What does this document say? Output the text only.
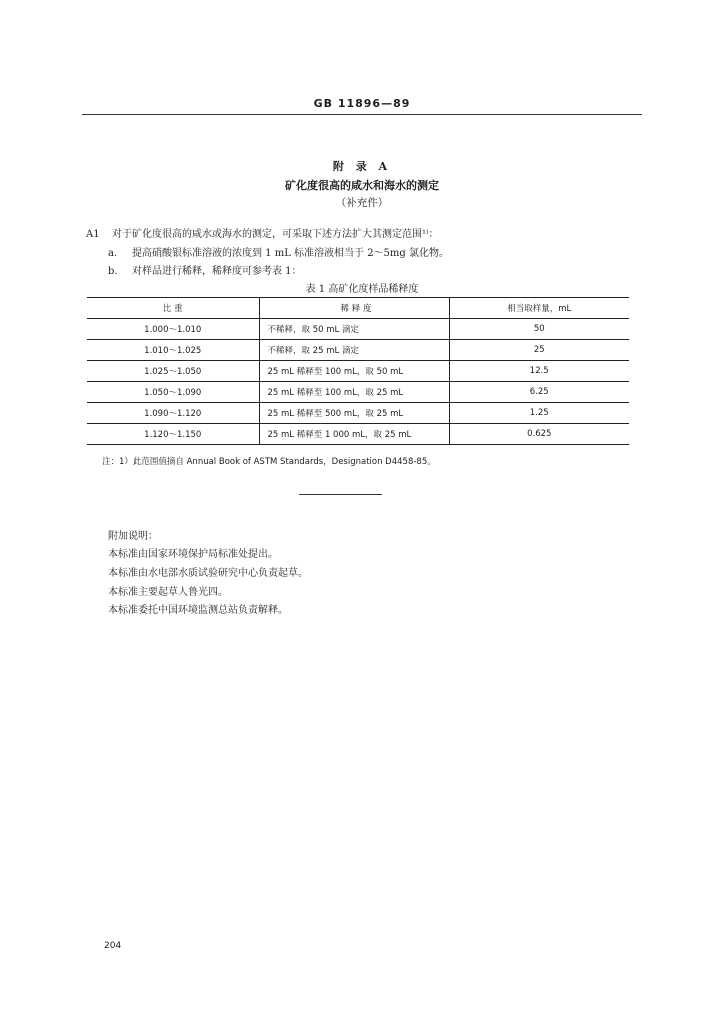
GB 11896—89
附 录 A
矿化度很高的咸水和海水的测定
（补充件）
A1 对于矿化度很高的咸水或海水的测定，可采取下述方法扩大其测定范围¹⁾：
a. 提高硝酸银标准溶液的浓度到 1 mL 标准溶液相当于 2～5mg 氯化物。
b. 对样品进行稀释，稀释度可参考表 1：
表 1 高矿化度样品稀释度
比 重	稀 释 度	相当取样量，mL
1.000～1.010	不稀释，取 50 mL 滴定	50
1.010～1.025	不稀释，取 25 mL 滴定	25
1.025～1.050	25 mL 稀释至 100 mL，取 50 mL	12.5
1.050～1.090	25 mL 稀释至 100 mL，取 25 mL	6.25
1.090～1.120	25 mL 稀释至 500 mL，取 25 mL	1.25
1.120～1.150	25 mL 稀释至 1 000 mL，取 25 mL	0.625
注：1）此范围值摘自 Annual Book of ASTM Standards，Designation D4458-85。
附加说明：
本标准由国家环境保护局标准处提出。
本标准由水电部水质试验研究中心负责起草。
本标准主要起草人鲁光四。
本标准委托中国环境监测总站负责解释。
204
